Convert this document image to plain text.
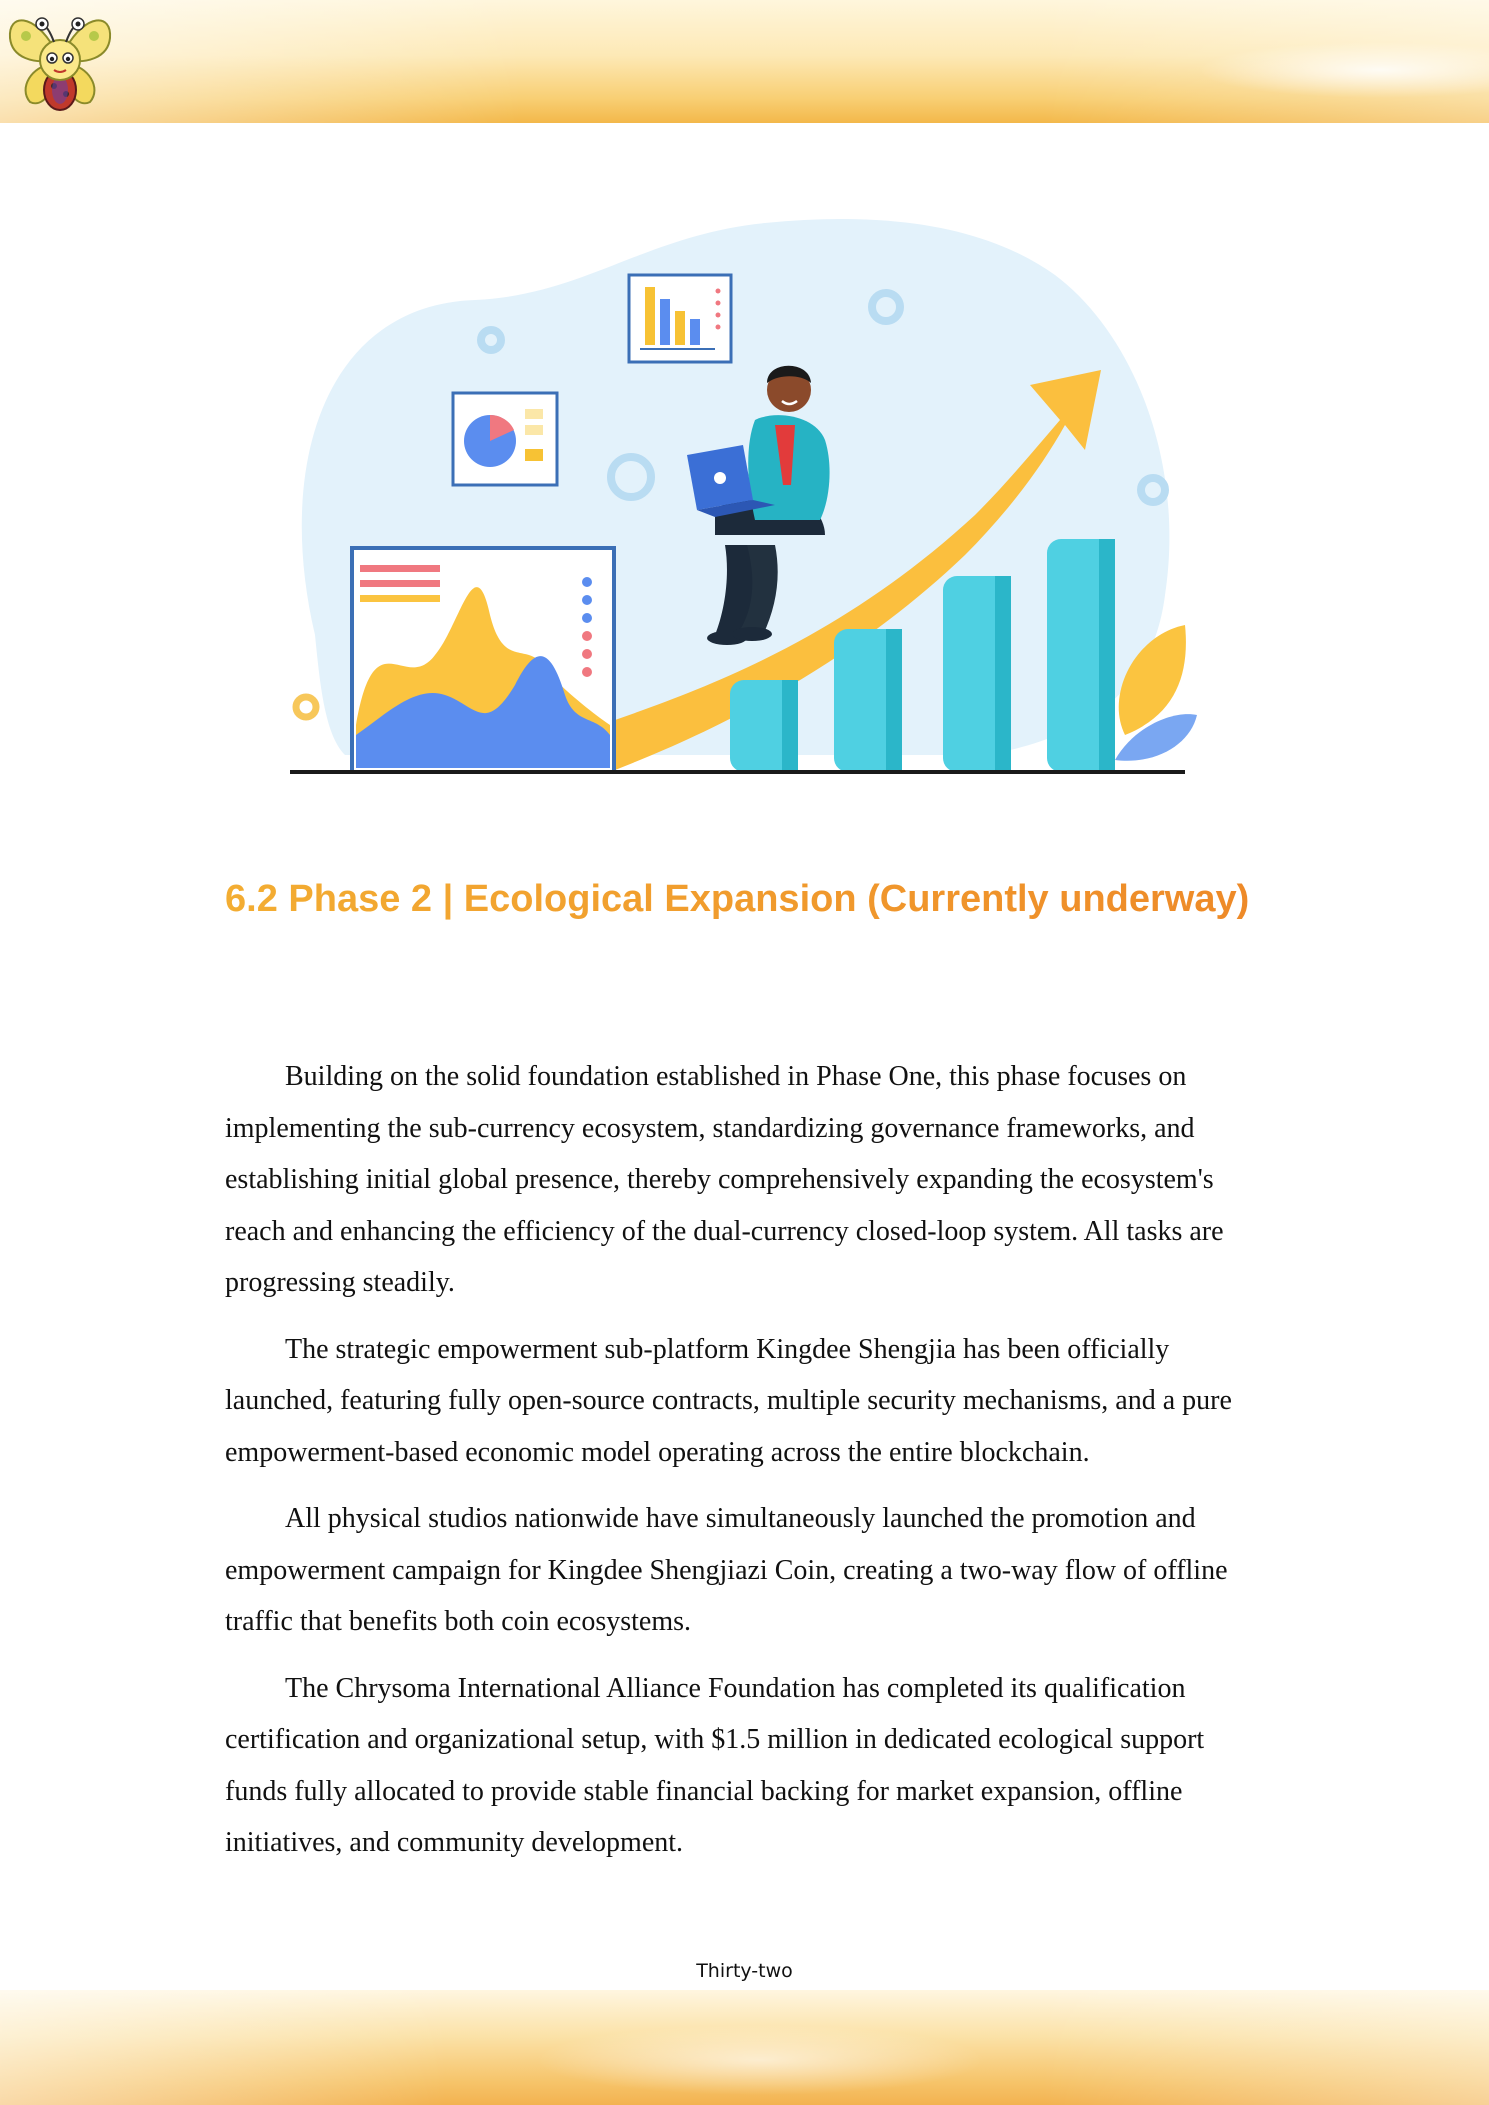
6.2 Phase 2 | Ecological Expansion (Currently underway)

Building on the solid foundation established in Phase One, this phase focuses on implementing the sub-currency ecosystem, standardizing governance frameworks, and establishing initial global presence, thereby comprehensively expanding the ecosystem's reach and enhancing the efficiency of the dual-currency closed-loop system. All tasks are progressing steadily.

The strategic empowerment sub-platform Kingdee Shengjia has been officially launched, featuring fully open-source contracts, multiple security mechanisms, and a pure empowerment-based economic model operating across the entire blockchain.

All physical studios nationwide have simultaneously launched the promotion and empowerment campaign for Kingdee Shengjiazi Coin, creating a two-way flow of offline traffic that benefits both coin ecosystems.

The Chrysoma International Alliance Foundation has completed its qualification certification and organizational setup, with $1.5 million in dedicated ecological support funds fully allocated to provide stable financial backing for market expansion, offline initiatives, and community development.

Thirty-two
